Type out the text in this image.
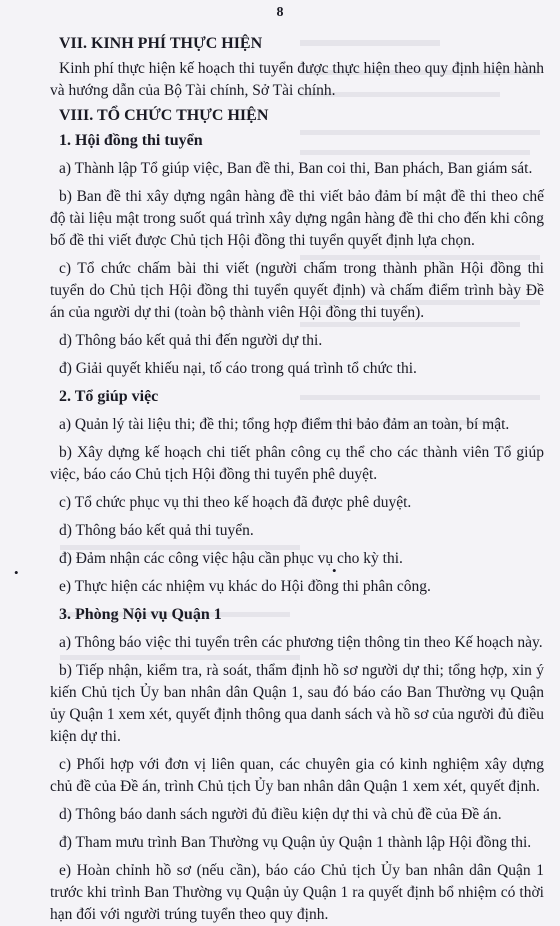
8
VII. KINH PHÍ THỰC HIỆN

Kinh phí thực hiện kế hoạch thi tuyển được thực hiện theo quy định hiện hành và hướng dẫn của Bộ Tài chính, Sở Tài chính.

VIII. TỔ CHỨC THỰC HIỆN
1. Hội đồng thi tuyển

a) Thành lập Tổ giúp việc, Ban đề thi, Ban coi thi, Ban phách, Ban giám sát.

b) Ban đề thi xây dựng ngân hàng đề thi viết bảo đảm bí mật đề thi theo chế độ tài liệu mật trong suốt quá trình xây dựng ngân hàng đề thi cho đến khi công bố đề thi viết được Chủ tịch Hội đồng thi tuyển quyết định lựa chọn.

c) Tổ chức chấm bài thi viết (người chấm trong thành phần Hội đồng thi tuyển do Chủ tịch Hội đồng thi tuyển quyết định) và chấm điểm trình bày Đề án của người dự thi (toàn bộ thành viên Hội đồng thi tuyển).

d) Thông báo kết quả thi đến người dự thi.

đ) Giải quyết khiếu nại, tố cáo trong quá trình tổ chức thi.

2. Tổ giúp việc

a) Quản lý tài liệu thi; đề thi; tổng hợp điểm thi bảo đảm an toàn, bí mật.

b) Xây dựng kế hoạch chi tiết phân công cụ thể cho các thành viên Tổ giúp việc, báo cáo Chủ tịch Hội đồng thi tuyển phê duyệt.

c) Tổ chức phục vụ thi theo kế hoạch đã được phê duyệt.

d) Thông báo kết quả thi tuyển.

đ) Đảm nhận các công việc hậu cần phục vụ cho kỳ thi.

e) Thực hiện các nhiệm vụ khác do Hội đồng thi phân công.

3. Phòng Nội vụ Quận 1

a) Thông báo việc thi tuyển trên các phương tiện thông tin theo Kế hoạch này.

b) Tiếp nhận, kiểm tra, rà soát, thẩm định hồ sơ người dự thi; tổng hợp, xin ý kiến Chủ tịch Ủy ban nhân dân Quận 1, sau đó báo cáo Ban Thường vụ Quận ủy Quận 1 xem xét, quyết định thông qua danh sách và hồ sơ của người đủ điều kiện dự thi.

c) Phối hợp với đơn vị liên quan, các chuyên gia có kinh nghiệm xây dựng chủ đề của Đề án, trình Chủ tịch Ủy ban nhân dân Quận 1 xem xét, quyết định.

d) Thông báo danh sách người đủ điều kiện dự thi và chủ đề của Đề án.

đ) Tham mưu trình Ban Thường vụ Quận ủy Quận 1 thành lập Hội đồng thi.

e) Hoàn chỉnh hồ sơ (nếu cần), báo cáo Chủ tịch Ủy ban nhân dân Quận 1 trước khi trình Ban Thường vụ Quận ủy Quận 1 ra quyết định bổ nhiệm có thời hạn đối với người trúng tuyển theo quy định.

•	•
